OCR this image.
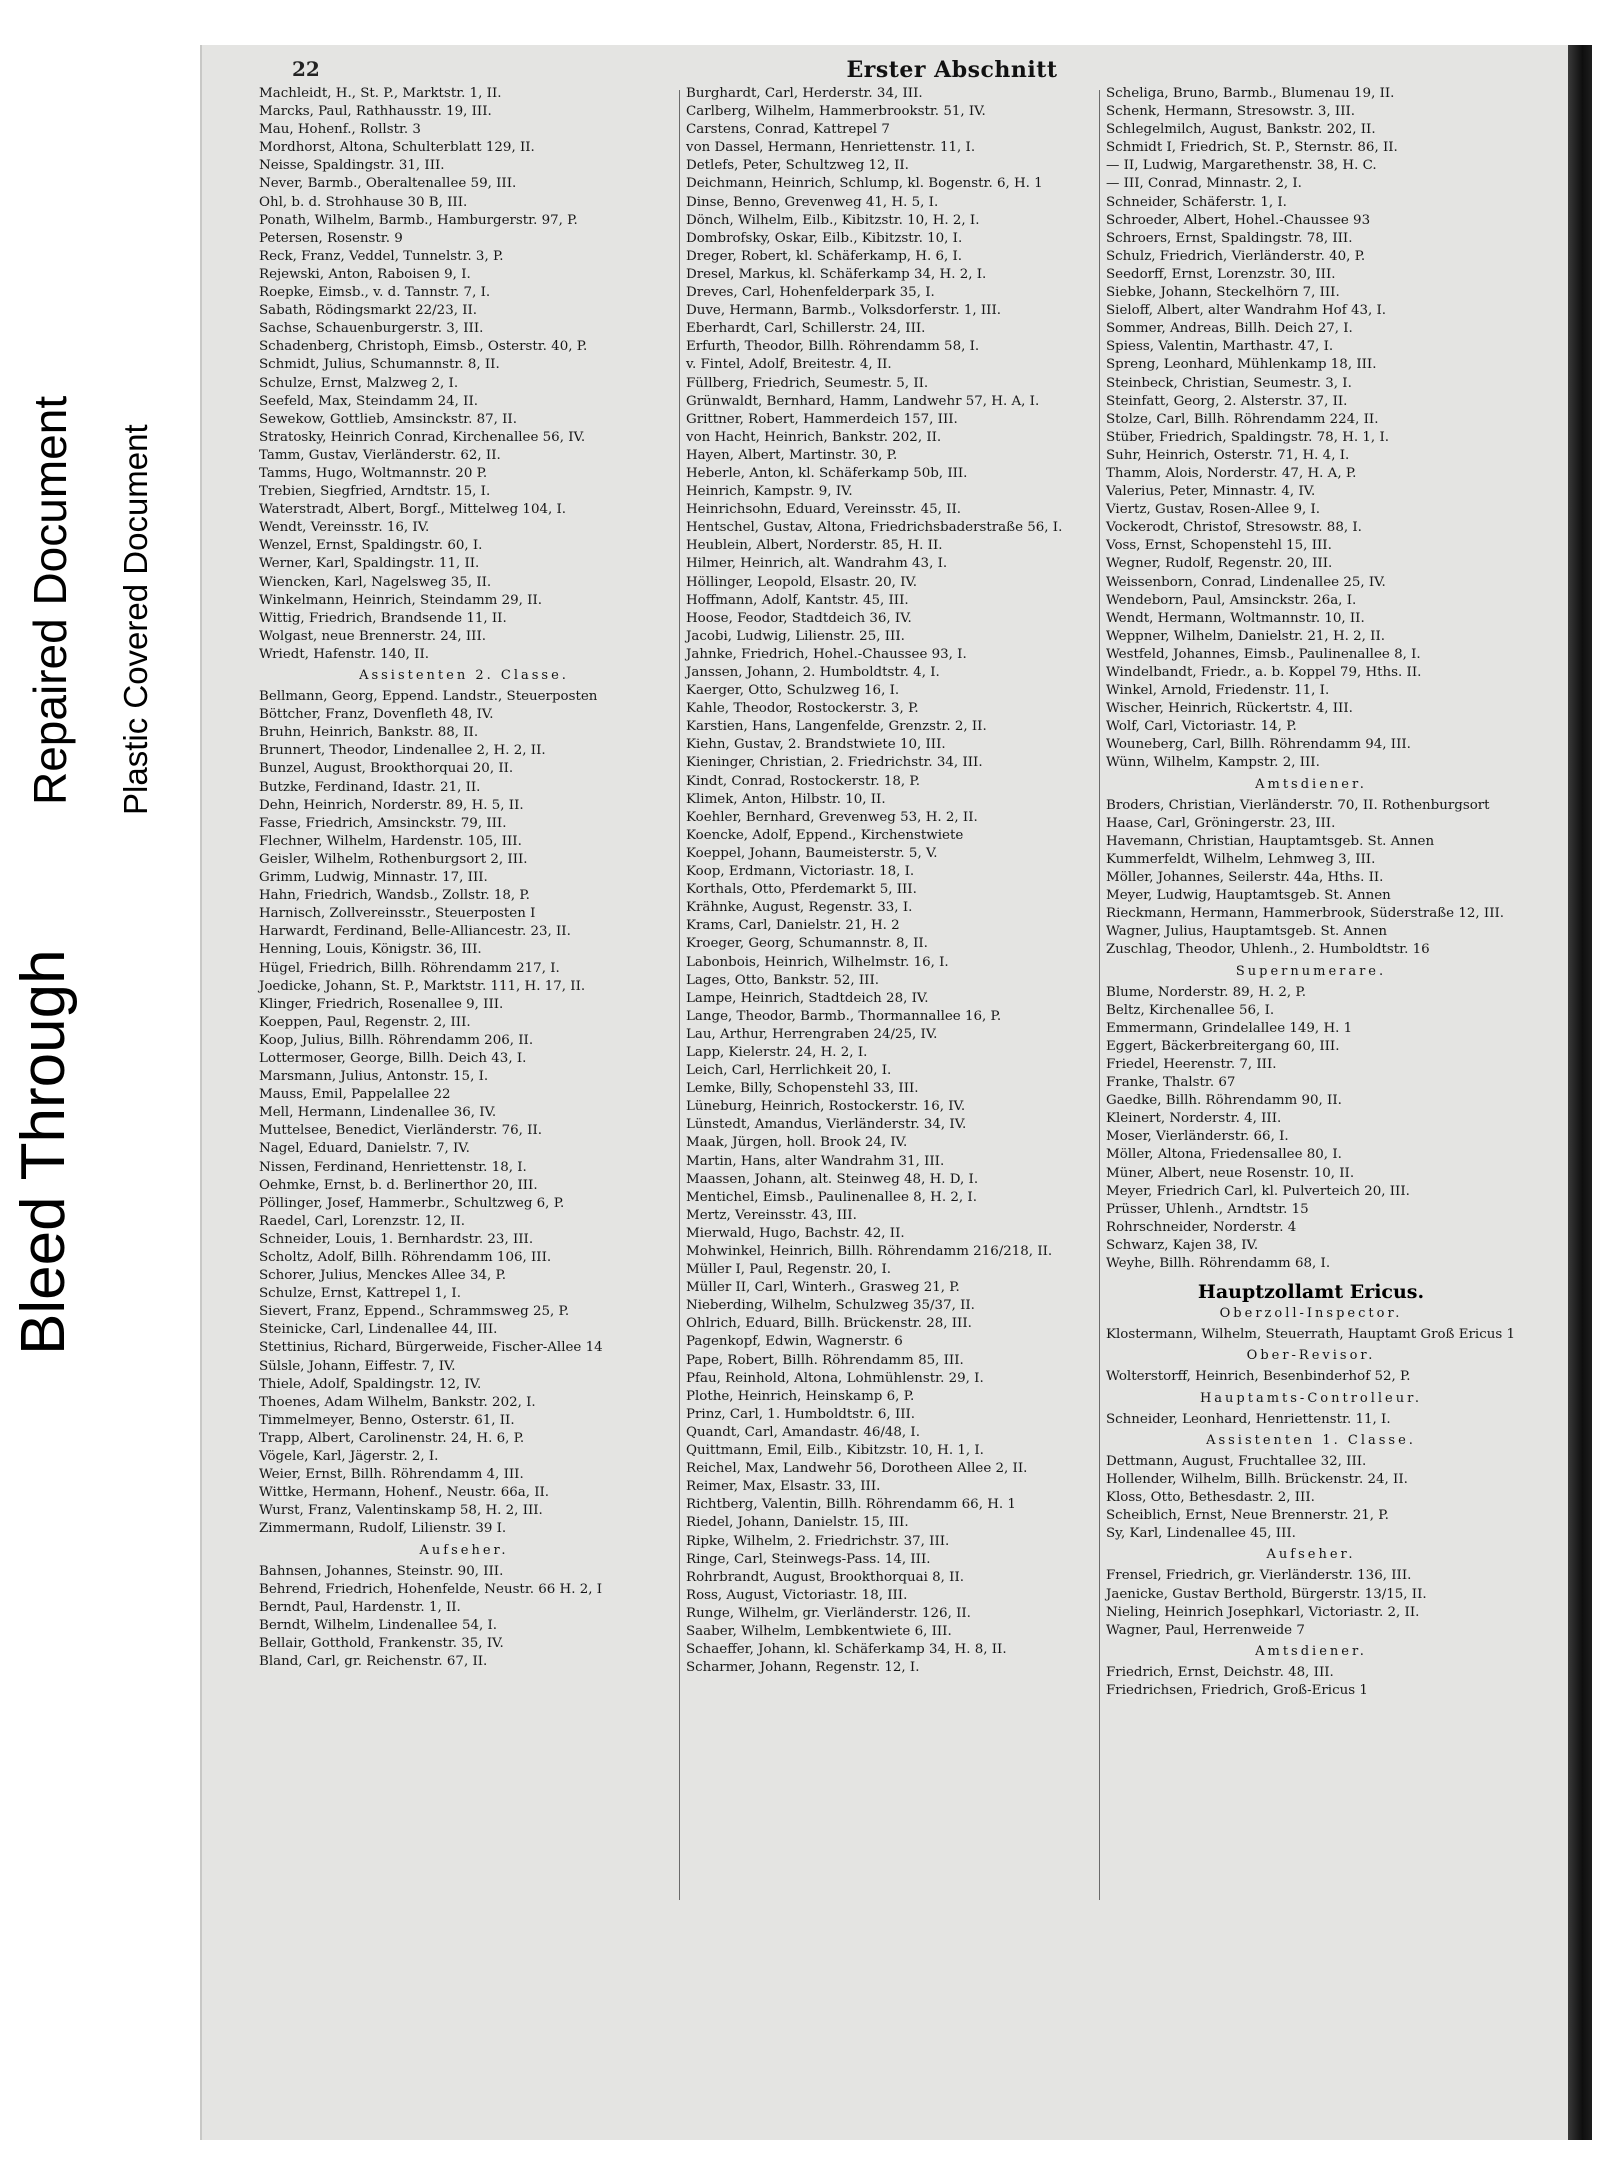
Bleed Through
Repaired Document Plastic Covered Document
22	Erster Abschnitt

Machleidt, H., St. P., Marktstr. 1, II.

Marcks, Paul, Rathhausstr. 19, III.

Mau, Hohenf., Rollstr. 3

Mordhorst, Altona, Schulterblatt 129, II.

Neisse, Spaldingstr. 31, III.

Never, Barmb., Oberaltenallee 59, III.

Ohl, b. d. Strohhause 30 B, III.

Ponath, Wilhelm, Barmb., Hamburgerstr. 97, P.

Petersen, Rosenstr. 9

Reck, Franz, Veddel, Tunnelstr. 3, P.

Rejewski, Anton, Raboisen 9, I.

Roepke, Eimsb., v. d. Tannstr. 7, I.

Sabath, Rödingsmarkt 22/23, II.

Sachse, Schauenburgerstr. 3, III.

Schadenberg, Christoph, Eimsb., Osterstr. 40, P.

Schmidt, Julius, Schumannstr. 8, II.

Schulze, Ernst, Malzweg 2, I.

Seefeld, Max, Steindamm 24, II.

Sewekow, Gottlieb, Amsinckstr. 87, II.

Stratosky, Heinrich Conrad, Kirchenallee 56, IV.

Tamm, Gustav, Vierländerstr. 62, II.

Tamms, Hugo, Woltmannstr. 20 P.

Trebien, Siegfried, Arndtstr. 15, I.

Waterstradt, Albert, Borgf., Mittelweg 104, I.

Wendt, Vereinsstr. 16, IV.

Wenzel, Ernst, Spaldingstr. 60, I.

Werner, Karl, Spaldingstr. 11, II.

Wiencken, Karl, Nagelsweg 35, II.

Winkelmann, Heinrich, Steindamm 29, II.

Wittig, Friedrich, Brandsende 11, II.

Wolgast, neue Brennerstr. 24, III.

Wriedt, Hafenstr. 140, II.

Assistenten 2. Classe.

Bellmann, Georg, Eppend. Landstr., Steuerposten

Böttcher, Franz, Dovenfleth 48, IV.

Bruhn, Heinrich, Bankstr. 88, II.

Brunnert, Theodor, Lindenallee 2, H. 2, II.

Bunzel, August, Brookthorquai 20, II.

Butzke, Ferdinand, Idastr. 21, II.

Dehn, Heinrich, Norderstr. 89, H. 5, II.

Fasse, Friedrich, Amsinckstr. 79, III.

Flechner, Wilhelm, Hardenstr. 105, III.

Geisler, Wilhelm, Rothenburgsort 2, III.

Grimm, Ludwig, Minnastr. 17, III.

Hahn, Friedrich, Wandsb., Zollstr. 18, P.

Harnisch, Zollvereinsstr., Steuerposten I

Harwardt, Ferdinand, Belle-Alliancestr. 23, II.

Henning, Louis, Königstr. 36, III.

Hügel, Friedrich, Billh. Röhrendamm 217, I.

Joedicke, Johann, St. P., Marktstr. 111, H. 17, II.

Klinger, Friedrich, Rosenallee 9, III.

Koeppen, Paul, Regenstr. 2, III.

Koop, Julius, Billh. Röhrendamm 206, II.

Lottermoser, George, Billh. Deich 43, I.

Marsmann, Julius, Antonstr. 15, I.

Mauss, Emil, Pappelallee 22

Mell, Hermann, Lindenallee 36, IV.

Muttelsee, Benedict, Vierländerstr. 76, II.

Nagel, Eduard, Danielstr. 7, IV.

Nissen, Ferdinand, Henriettenstr. 18, I.

Oehmke, Ernst, b. d. Berlinerthor 20, III.

Pöllinger, Josef, Hammerbr., Schultzweg 6, P.

Raedel, Carl, Lorenzstr. 12, II.

Schneider, Louis, 1. Bernhardstr. 23, III.

Scholtz, Adolf, Billh. Röhrendamm 106, III.

Schorer, Julius, Menckes Allee 34, P.

Schulze, Ernst, Kattrepel 1, I.

Sievert, Franz, Eppend., Schrammsweg 25, P.

Steinicke, Carl, Lindenallee 44, III.

Stettinius, Richard, Bürgerweide, Fischer-Allee 14

Sülsle, Johann, Eiffestr. 7, IV.

Thiele, Adolf, Spaldingstr. 12, IV.

Thoenes, Adam Wilhelm, Bankstr. 202, I.

Timmelmeyer, Benno, Osterstr. 61, II.

Trapp, Albert, Carolinenstr. 24, H. 6, P.

Vögele, Karl, Jägerstr. 2, I.

Weier, Ernst, Billh. Röhrendamm 4, III.

Wittke, Hermann, Hohenf., Neustr. 66a, II.

Wurst, Franz, Valentinskamp 58, H. 2, III.

Zimmermann, Rudolf, Lilienstr. 39 I.

Aufseher.

Bahnsen, Johannes, Steinstr. 90, III.

Behrend, Friedrich, Hohenfelde, Neustr. 66 H. 2, I

Berndt, Paul, Hardenstr. 1, II.

Berndt, Wilhelm, Lindenallee 54, I.

Bellair, Gotthold, Frankenstr. 35, IV.

Bland, Carl, gr. Reichenstr. 67, II.

Burghardt, Carl, Herderstr. 34, III.

Carlberg, Wilhelm, Hammerbrookstr. 51, IV.

Carstens, Conrad, Kattrepel 7

von Dassel, Hermann, Henriettenstr. 11, I.

Detlefs, Peter, Schultzweg 12, II.

Deichmann, Heinrich, Schlump, kl. Bogenstr. 6, H. 1

Dinse, Benno, Grevenweg 41, H. 5, I.

Dönch, Wilhelm, Eilb., Kibitzstr. 10, H. 2, I.

Dombrofsky, Oskar, Eilb., Kibitzstr. 10, I.

Dreger, Robert, kl. Schäferkamp, H. 6, I.

Dresel, Markus, kl. Schäferkamp 34, H. 2, I.

Dreves, Carl, Hohenfelderpark 35, I.

Duve, Hermann, Barmb., Volksdorferstr. 1, III.

Eberhardt, Carl, Schillerstr. 24, III.

Erfurth, Theodor, Billh. Röhrendamm 58, I.

v. Fintel, Adolf, Breitestr. 4, II.

Füllberg, Friedrich, Seumestr. 5, II.

Grünwaldt, Bernhard, Hamm, Landwehr 57, H. A, I.

Grittner, Robert, Hammerdeich 157, III.

von Hacht, Heinrich, Bankstr. 202, II.

Hayen, Albert, Martinstr. 30, P.

Heberle, Anton, kl. Schäferkamp 50b, III.

Heinrich, Kampstr. 9, IV.

Heinrichsohn, Eduard, Vereinsstr. 45, II.

Hentschel, Gustav, Altona, Friedrichsbaderstraße 56, I.

Heublein, Albert, Norderstr. 85, H. II.

Hilmer, Heinrich, alt. Wandrahm 43, I.

Höllinger, Leopold, Elsastr. 20, IV.

Hoffmann, Adolf, Kantstr. 45, III.

Hoose, Feodor, Stadtdeich 36, IV.

Jacobi, Ludwig, Lilienstr. 25, III.

Jahnke, Friedrich, Hohel.-Chaussee 93, I.

Janssen, Johann, 2. Humboldtstr. 4, I.

Kaerger, Otto, Schulzweg 16, I.

Kahle, Theodor, Rostockerstr. 3, P.

Karstien, Hans, Langenfelde, Grenzstr. 2, II.

Kiehn, Gustav, 2. Brandstwiete 10, III.

Kieninger, Christian, 2. Friedrichstr. 34, III.

Kindt, Conrad, Rostockerstr. 18, P.

Klimek, Anton, Hilbstr. 10, II.

Koehler, Bernhard, Grevenweg 53, H. 2, II.

Koencke, Adolf, Eppend., Kirchenstwiete

Koeppel, Johann, Baumeisterstr. 5, V.

Koop, Erdmann, Victoriastr. 18, I.

Korthals, Otto, Pferdemarkt 5, III.

Krähnke, August, Regenstr. 33, I.

Krams, Carl, Danielstr. 21, H. 2

Kroeger, Georg, Schumannstr. 8, II.

Labonbois, Heinrich, Wilhelmstr. 16, I.

Lages, Otto, Bankstr. 52, III.

Lampe, Heinrich, Stadtdeich 28, IV.

Lange, Theodor, Barmb., Thormannallee 16, P.

Lau, Arthur, Herrengraben 24/25, IV.

Lapp, Kielerstr. 24, H. 2, I.

Leich, Carl, Herrlichkeit 20, I.

Lemke, Billy, Schopenstehl 33, III.

Lüneburg, Heinrich, Rostockerstr. 16, IV.

Lünstedt, Amandus, Vierländerstr. 34, IV.

Maak, Jürgen, holl. Brook 24, IV.

Martin, Hans, alter Wandrahm 31, III.

Maassen, Johann, alt. Steinweg 48, H. D, I.

Mentichel, Eimsb., Paulinenallee 8, H. 2, I.

Mertz, Vereinsstr. 43, III.

Mierwald, Hugo, Bachstr. 42, II.

Mohwinkel, Heinrich, Billh. Röhrendamm 216/218, II.

Müller I, Paul, Regenstr. 20, I.

Müller II, Carl, Winterh., Grasweg 21, P.

Nieberding, Wilhelm, Schulzweg 35/37, II.

Ohlrich, Eduard, Billh. Brückenstr. 28, III.

Pagenkopf, Edwin, Wagnerstr. 6

Pape, Robert, Billh. Röhrendamm 85, III.

Pfau, Reinhold, Altona, Lohmühlenstr. 29, I.

Plothe, Heinrich, Heinskamp 6, P.

Prinz, Carl, 1. Humboldtstr. 6, III.

Quandt, Carl, Amandastr. 46/48, I.

Quittmann, Emil, Eilb., Kibitzstr. 10, H. 1, I.

Reichel, Max, Landwehr 56, Dorotheen Allee 2, II.

Reimer, Max, Elsastr. 33, III.

Richtberg, Valentin, Billh. Röhrendamm 66, H. 1

Riedel, Johann, Danielstr. 15, III.

Ripke, Wilhelm, 2. Friedrichstr. 37, III.

Ringe, Carl, Steinwegs-Pass. 14, III.

Rohrbrandt, August, Brookthorquai 8, II.

Ross, August, Victoriastr. 18, III.

Runge, Wilhelm, gr. Vierländerstr. 126, II.

Saaber, Wilhelm, Lembkentwiete 6, III.

Schaeffer, Johann, kl. Schäferkamp 34, H. 8, II.

Scharmer, Johann, Regenstr. 12, I.

Scheliga, Bruno, Barmb., Blumenau 19, II.

Schenk, Hermann, Stresowstr. 3, III.

Schlegelmilch, August, Bankstr. 202, II.

Schmidt I, Friedrich, St. P., Sternstr. 86, II.

— II, Ludwig, Margarethenstr. 38, H. C.

— III, Conrad, Minnastr. 2, I.

Schneider, Schäferstr. 1, I.

Schroeder, Albert, Hohel.-Chaussee 93

Schroers, Ernst, Spaldingstr. 78, III.

Schulz, Friedrich, Vierländerstr. 40, P.

Seedorff, Ernst, Lorenzstr. 30, III.

Siebke, Johann, Steckelhörn 7, III.

Sieloff, Albert, alter Wandrahm Hof 43, I.

Sommer, Andreas, Billh. Deich 27, I.

Spiess, Valentin, Marthastr. 47, I.

Spreng, Leonhard, Mühlenkamp 18, III.

Steinbeck, Christian, Seumestr. 3, I.

Steinfatt, Georg, 2. Alsterstr. 37, II.

Stolze, Carl, Billh. Röhrendamm 224, II.

Stüber, Friedrich, Spaldingstr. 78, H. 1, I.

Suhr, Heinrich, Osterstr. 71, H. 4, I.

Thamm, Alois, Norderstr. 47, H. A, P.

Valerius, Peter, Minnastr. 4, IV.

Viertz, Gustav, Rosen-Allee 9, I.

Vockerodt, Christof, Stresowstr. 88, I.

Voss, Ernst, Schopenstehl 15, III.

Wegner, Rudolf, Regenstr. 20, III.

Weissenborn, Conrad, Lindenallee 25, IV.

Wendeborn, Paul, Amsinckstr. 26a, I.

Wendt, Hermann, Woltmannstr. 10, II.

Weppner, Wilhelm, Danielstr. 21, H. 2, II.

Westfeld, Johannes, Eimsb., Paulinenallee 8, I.

Windelbandt, Friedr., a. b. Koppel 79, Hths. II.

Winkel, Arnold, Friedenstr. 11, I.

Wischer, Heinrich, Rückertstr. 4, III.

Wolf, Carl, Victoriastr. 14, P.

Wouneberg, Carl, Billh. Röhrendamm 94, III.

Wünn, Wilhelm, Kampstr. 2, III.

Amtsdiener.

Broders, Christian, Vierländerstr. 70, II. Rothenburgsort

Haase, Carl, Gröningerstr. 23, III.

Havemann, Christian, Hauptamtsgeb. St. Annen

Kummerfeldt, Wilhelm, Lehmweg 3, III.

Möller, Johannes, Seilerstr. 44a, Hths. II.

Meyer, Ludwig, Hauptamtsgeb. St. Annen

Rieckmann, Hermann, Hammerbrook, Süderstraße 12, III.

Wagner, Julius, Hauptamtsgeb. St. Annen

Zuschlag, Theodor, Uhlenh., 2. Humboldtstr. 16

Supernumerare.

Blume, Norderstr. 89, H. 2, P.

Beltz, Kirchenallee 56, I.

Emmermann, Grindelallee 149, H. 1

Eggert, Bäckerbreitergang 60, III.

Friedel, Heerenstr. 7, III.

Franke, Thalstr. 67

Gaedke, Billh. Röhrendamm 90, II.

Kleinert, Norderstr. 4, III.

Moser, Vierländerstr. 66, I.

Möller, Altona, Friedensallee 80, I.

Müner, Albert, neue Rosenstr. 10, II.

Meyer, Friedrich Carl, kl. Pulverteich 20, III.

Prüsser, Uhlenh., Arndtstr. 15

Rohrschneider, Norderstr. 4

Schwarz, Kajen 38, IV.

Weyhe, Billh. Röhrendamm 68, I.

Hauptzollamt Ericus.

Oberzoll-Inspector.

Klostermann, Wilhelm, Steuerrath, Hauptamt Groß Ericus 1

Ober-Revisor.

Wolterstorff, Heinrich, Besenbinderhof 52, P.

Hauptamts-Controlleur.

Schneider, Leonhard, Henriettenstr. 11, I.

Assistenten 1. Classe.

Dettmann, August, Fruchtallee 32, III.

Hollender, Wilhelm, Billh. Brückenstr. 24, II.

Kloss, Otto, Bethesdastr. 2, III.

Scheiblich, Ernst, Neue Brennerstr. 21, P.

Sy, Karl, Lindenallee 45, III.

Aufseher.

Frensel, Friedrich, gr. Vierländerstr. 136, III.

Jaenicke, Gustav Berthold, Bürgerstr. 13/15, II.

Nieling, Heinrich Josephkarl, Victoriastr. 2, II.

Wagner, Paul, Herrenweide 7

Amtsdiener.

Friedrich, Ernst, Deichstr. 48, III.

Friedrichsen, Friedrich, Groß-Ericus 1
